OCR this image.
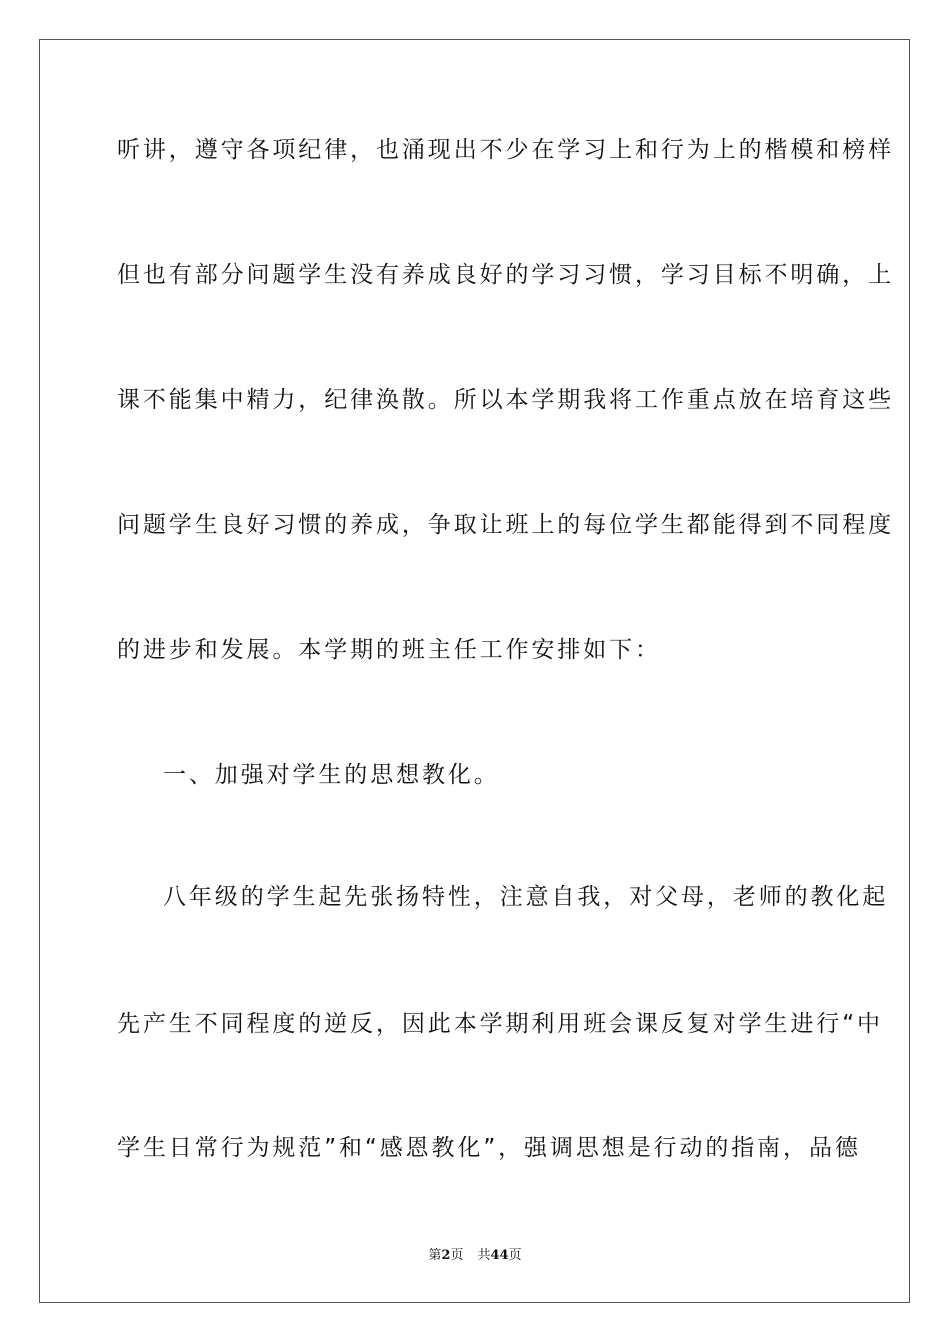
听讲，遵守各项纪律，也涌现出不少在学习上和行为上的楷模和榜样
但也有部分问题学生没有养成良好的学习习惯，学习目标不明确，上
课不能集中精力，纪律涣散。所以本学期我将工作重点放在培育这些
问题学生良好习惯的养成，争取让班上的每位学生都能得到不同程度
的进步和发展。本学期的班主任工作安排如下：
一、加强对学生的思想教化。
八年级的学生起先张扬特性，注意自我，对父母，老师的教化起
先产生不同程度的逆反，因此本学期利用班会课反复对学生进行“中
学生日常行为规范”和“感恩教化”，强调思想是行动的指南，品德
第2页 共44页
